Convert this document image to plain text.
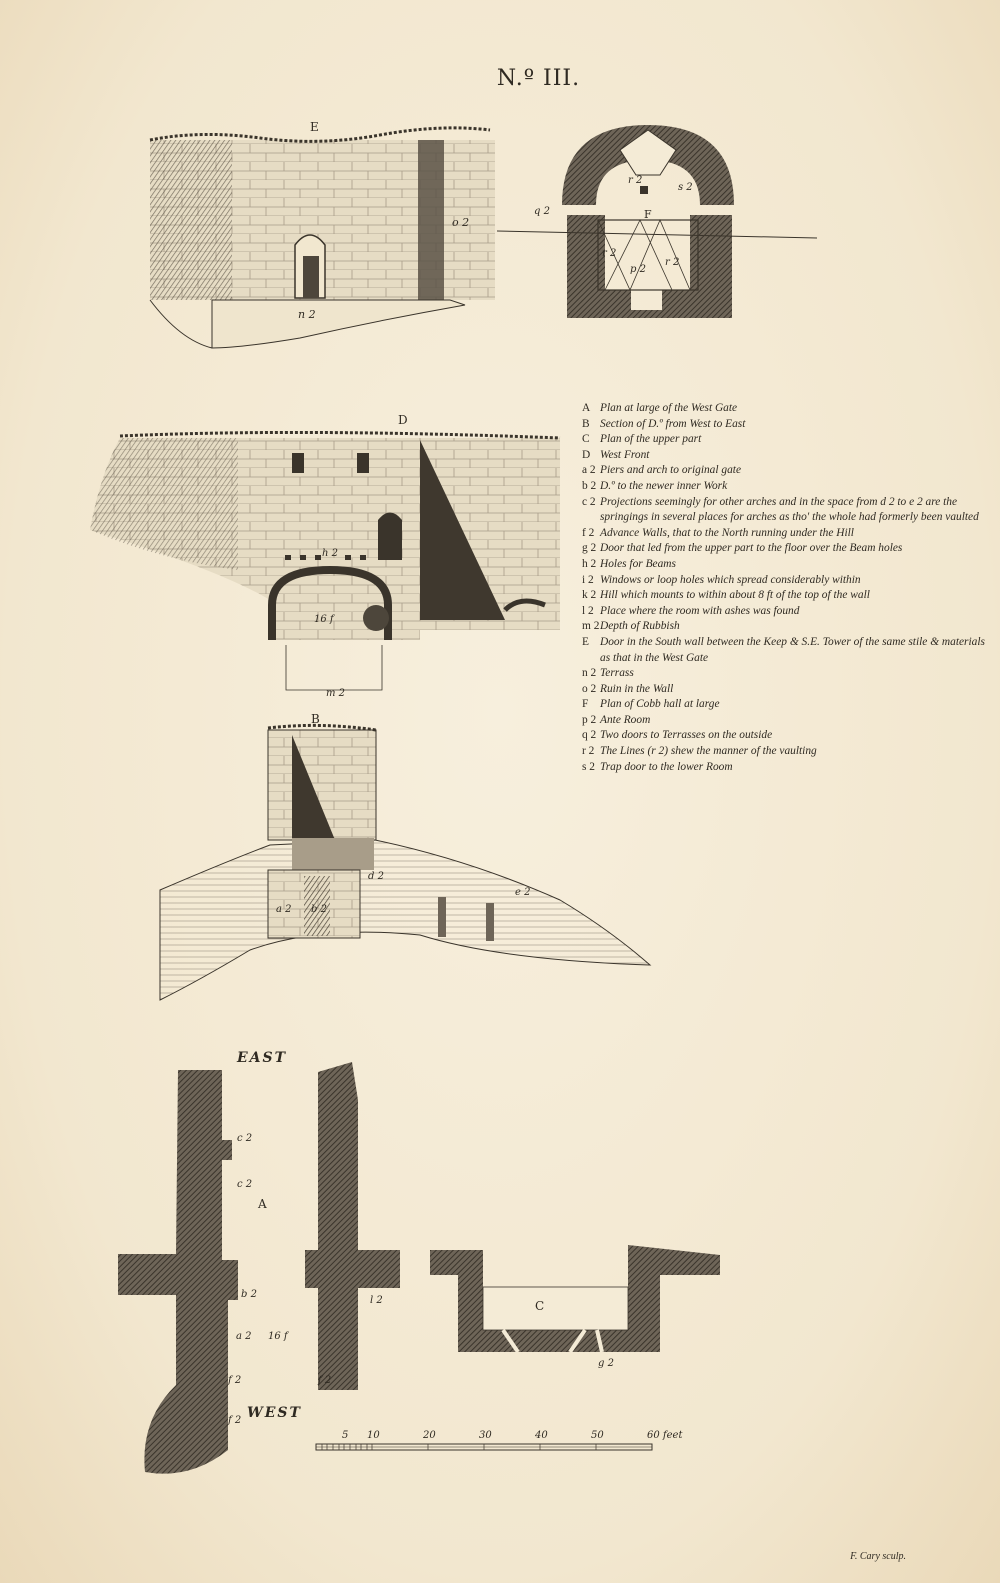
N.º III.
E
o 2
n 2
r 2
s 2
q 2	F
r 2
p 2
r 2
D
h 2
16 f
m 2
B
d 2
a 2 b 2
e 2
EAST
WEST
A
c 2
c 2
b 2
a 2 16 f
f 2
f 2
f 2
l 2	C
g 2
5 10	20	30	40	50	60 feet
A Plan at large of the West Gate
B Section of D.º from West to East
C Plan of the upper part
D West Front
a 2 Piers and arch to original gate
b 2 D.º to the newer inner Work
c 2 Projections seemingly for other arches and in the space from d 2 to e 2 are the springings in several places for arches as tho' the whole had formerly been vaulted
f 2 Advance Walls, that to the North running under the Hill
g 2 Door that led from the upper part to the floor over the Beam holes
h 2 Holes for Beams
i 2 Windows or loop holes which spread considerably within
k 2 Hill which mounts to within about 8 ft of the top of the wall
l 2 Place where the room with ashes was found
m 2 Depth of Rubbish
E Door in the South wall between the Keep & S.E. Tower of the same stile & materials as that in the West Gate
n 2 Terrass
o 2 Ruin in the Wall
F	Plan of Cobb hall at large
p 2 Ante Room
q 2 Two doors to Terrasses on the outside
r 2 The Lines (r 2) shew the manner of the vaulting
s 2 Trap door to the lower Room
F. Cary sculp.
